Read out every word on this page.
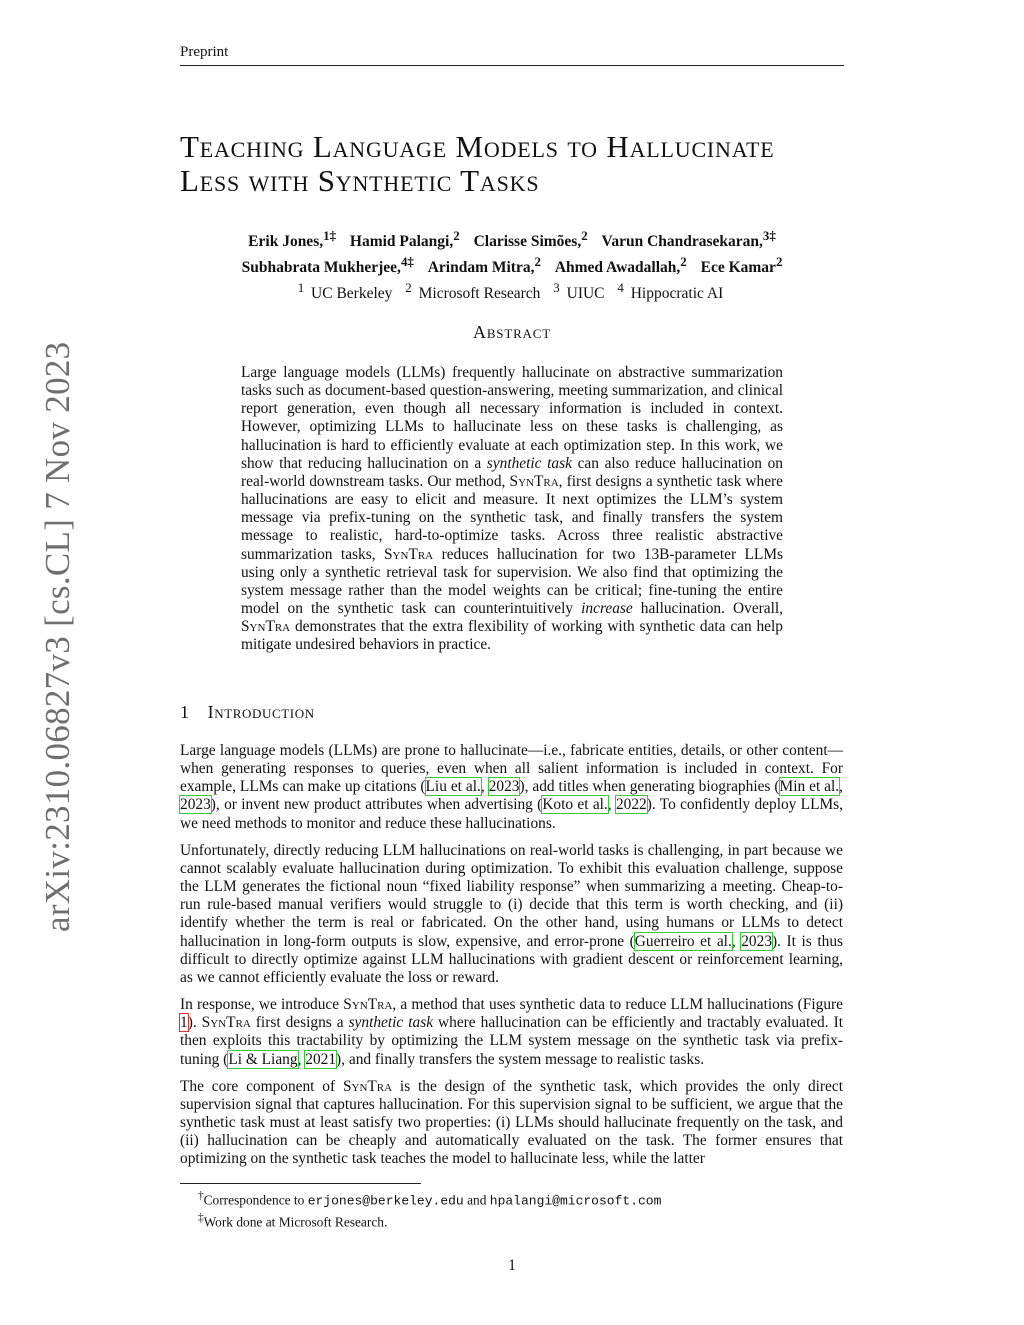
Preprint
arXiv:2310.06827v3 [cs.CL] 7 Nov 2023
Teaching Language Models to Hallucinate
Less with Synthetic Tasks
Erik Jones,$^{1\ddagger}$ Hamid Palangi,$^2$ Clarisse Simões,$^2$ Varun Chandrasekaran,$^{3\ddagger}$
Subhabrata Mukherjee,$^{4\ddagger}$ Arindam Mitra,$^2$ Ahmed Awadallah,$^2$ Ece Kamar$^2$
$^1$ UC Berkeley $^2$ Microsoft Research $^3$ UIUC $^4$ Hippocratic AI
Abstract
Large language models (LLMs) frequently hallucinate on abstractive summarization tasks such as document-based question-answering, meeting summarization, and clinical report generation, even though all necessary information is included in context. However, optimizing LLMs to hallucinate less on these tasks is challenging, as hallucination is hard to efficiently evaluate at each optimization step. In this work, we show that reducing hallucination on a synthetic task can also reduce hallucination on real-world downstream tasks. Our method, SynTra, first designs a synthetic task where hallucinations are easy to elicit and measure. It next optimizes the LLM’s system message via prefix-tuning on the synthetic task, and finally transfers the system message to realistic, hard-to-optimize tasks. Across three realistic abstractive summarization tasks, SynTra reduces hallucination for two 13B-parameter LLMs using only a synthetic retrieval task for supervision. We also find that optimizing the system message rather than the model weights can be critical; fine-tuning the entire model on the synthetic task can counterintuitively increase hallucination. Overall, SynTra demonstrates that the extra flexibility of working with synthetic data can help mitigate undesired behaviors in practice.
1 Introduction

Large language models (LLMs) are prone to hallucinate—i.e., fabricate entities, details, or other content—when generating responses to queries, even when all salient information is included in context. For example, LLMs can make up citations (Liu et al., 2023), add titles when generating biographies (Min et al., 2023), or invent new product attributes when advertising (Koto et al., 2022). To confidently deploy LLMs, we need methods to monitor and reduce these hallucinations.

Unfortunately, directly reducing LLM hallucinations on real-world tasks is challenging, in part because we cannot scalably evaluate hallucination during optimization. To exhibit this evaluation challenge, suppose the LLM generates the fictional noun “fixed liability response” when summarizing a meeting. Cheap-to-run rule-based manual verifiers would struggle to (i) decide that this term is worth checking, and (ii) identify whether the term is real or fabricated. On the other hand, using humans or LLMs to detect hallucination in long-form outputs is slow, expensive, and error-prone (Guerreiro et al., 2023). It is thus difficult to directly optimize against LLM hallucinations with gradient descent or reinforcement learning, as we cannot efficiently evaluate the loss or reward.

In response, we introduce SynTra, a method that uses synthetic data to reduce LLM hallucinations (Figure 1). SynTra first designs a synthetic task where hallucination can be efficiently and tractably evaluated. It then exploits this tractability by optimizing the LLM system message on the synthetic task via prefix-tuning (Li & Liang, 2021), and finally transfers the system message to realistic tasks.

The core component of SynTra is the design of the synthetic task, which provides the only direct supervision signal that captures hallucination. For this supervision signal to be sufficient, we argue that the synthetic task must at least satisfy two properties: (i) LLMs should hallucinate frequently on the task, and (ii) hallucination can be cheaply and automatically evaluated on the task. The former ensures that optimizing on the synthetic task teaches the model to hallucinate less, while the latter

†Correspondence to erjones@berkeley.edu and hpalangi@microsoft.com
‡Work done at Microsoft Research.
1
